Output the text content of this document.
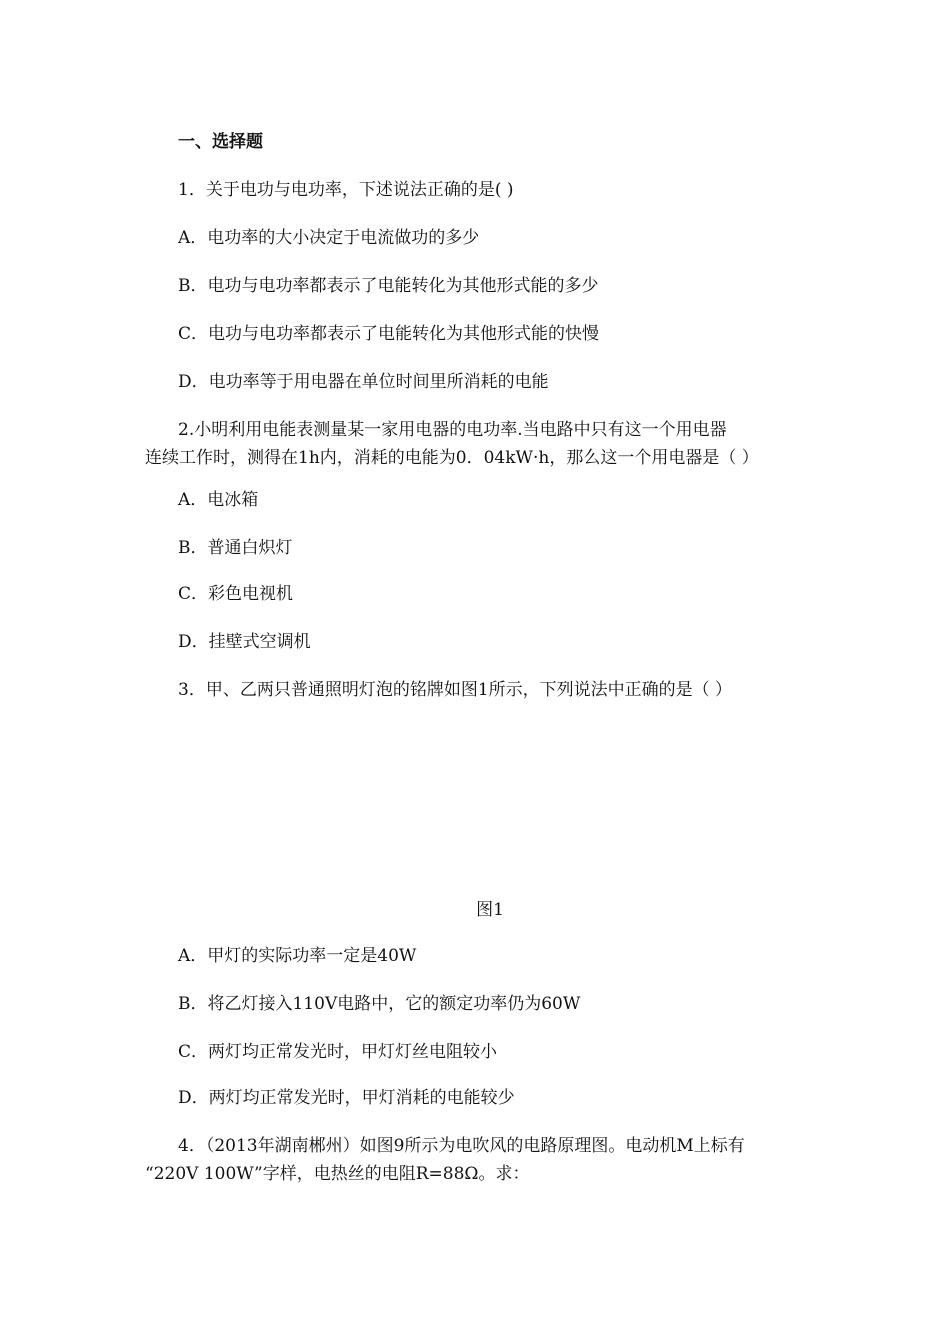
一、选择题
1．关于电功与电功率，下述说法正确的是( )
A．电功率的大小决定于电流做功的多少
B．电功与电功率都表示了电能转化为其他形式能的多少
C．电功与电功率都表示了电能转化为其他形式能的快慢
D．电功率等于用电器在单位时间里所消耗的电能
2.小明利用电能表测量某一家用电器的电功率.当电路中只有这一个用电器
连续工作时，测得在1h内，消耗的电能为0．04kW·h，那么这一个用电器是（ ）
A．电冰箱
B．普通白炽灯
C．彩色电视机
D．挂壁式空调机
3．甲、乙两只普通照明灯泡的铭牌如图1所示，下列说法中正确的是（ ）
图1
A．甲灯的实际功率一定是40W
B．将乙灯接入110V电路中，它的额定功率仍为60W
C．两灯均正常发光时，甲灯灯丝电阻较小
D．两灯均正常发光时，甲灯消耗的电能较少
4．（2013年湖南郴州）如图9所示为电吹风的电路原理图。电动机M上标有
“220V 100W”字样，电热丝的电阻R=88Ω。求：
